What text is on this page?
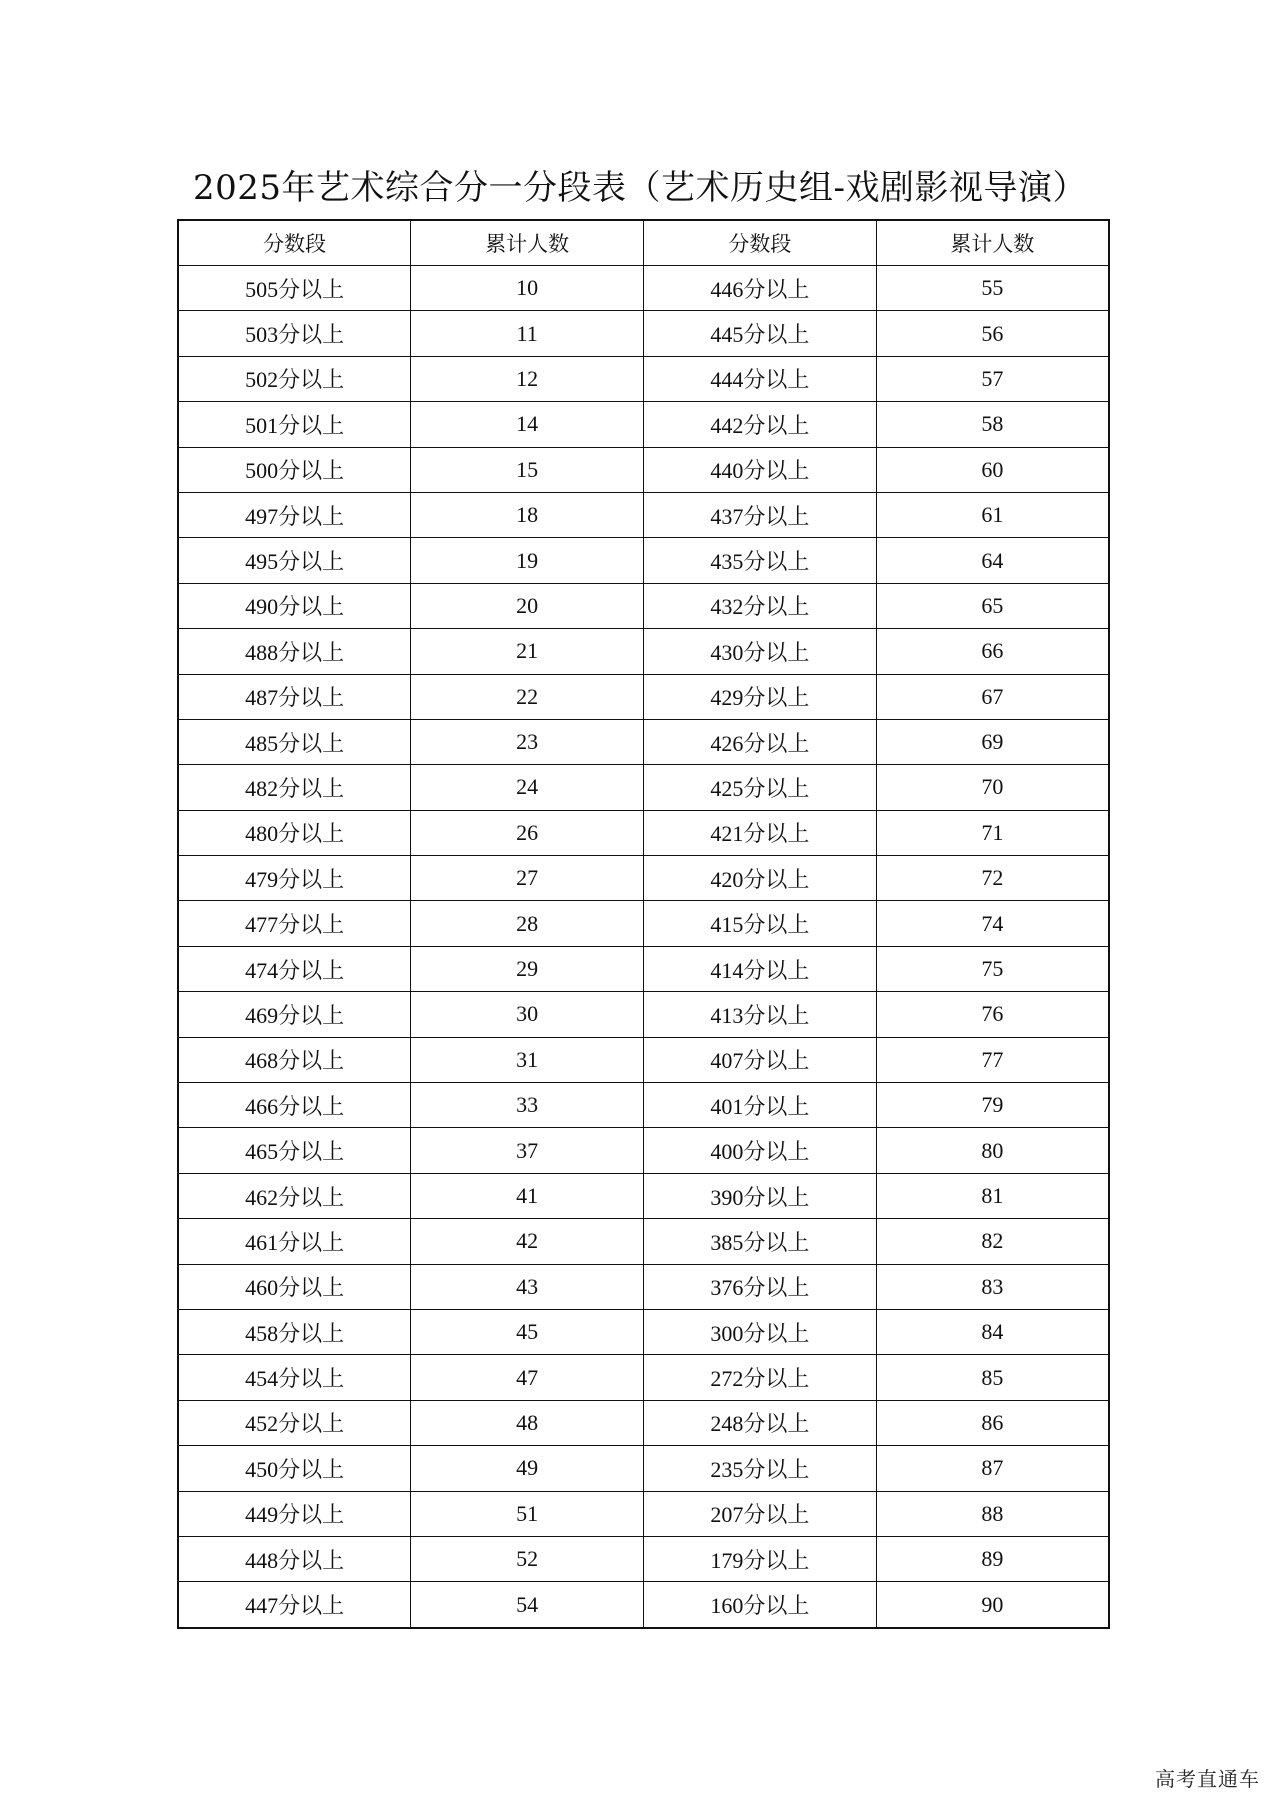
2025年艺术综合分一分段表（艺术历史组-戏剧影视导演）
分数段	累计人数	分数段	累计人数
505分以上	10	446分以上	55
503分以上	11	445分以上	56
502分以上	12	444分以上	57
501分以上	14	442分以上	58
500分以上	15	440分以上	60
497分以上	18	437分以上	61
495分以上	19	435分以上	64
490分以上	20	432分以上	65
488分以上	21	430分以上	66
487分以上	22	429分以上	67
485分以上	23	426分以上	69
482分以上	24	425分以上	70
480分以上	26	421分以上	71
479分以上	27	420分以上	72
477分以上	28	415分以上	74
474分以上	29	414分以上	75
469分以上	30	413分以上	76
468分以上	31	407分以上	77
466分以上	33	401分以上	79
465分以上	37	400分以上	80
462分以上	41	390分以上	81
461分以上	42	385分以上	82
460分以上	43	376分以上	83
458分以上	45	300分以上	84
454分以上	47	272分以上	85
452分以上	48	248分以上	86
450分以上	49	235分以上	87
449分以上	51	207分以上	88
448分以上	52	179分以上	89
447分以上	54	160分以上	90
高考直通车
